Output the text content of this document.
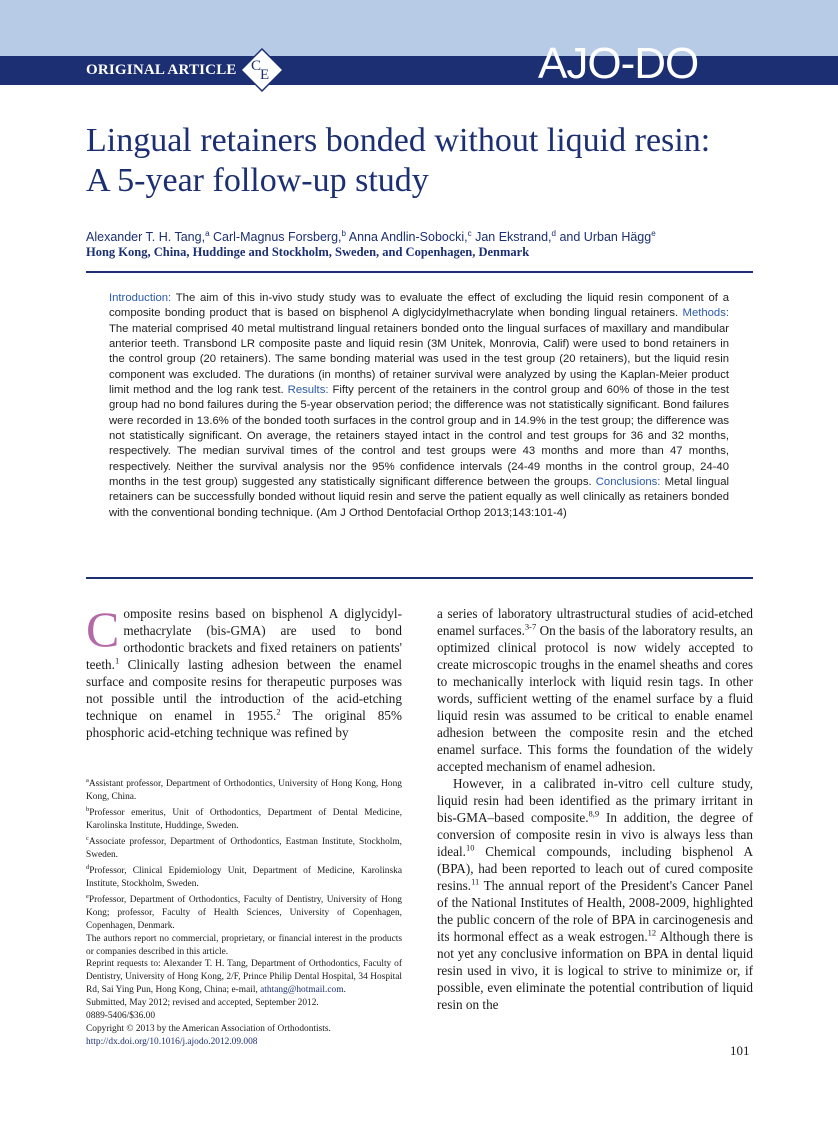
ORIGINAL ARTICLE C
E	AJO-DO
Lingual retainers bonded without liquid resin:
A 5-year follow-up study
Alexander T. H. Tang,$^a$ Carl-Magnus Forsberg,$^b$ Anna Andlin-Sobocki,$^c$ Jan Ekstrand,$^d$ and Urban Hägg$^e$
Hong Kong, China, Huddinge and Stockholm, Sweden, and Copenhagen, Denmark

Introduction: The aim of this in-vivo study study was to evaluate the effect of excluding the liquid resin component of a composite bonding product that is based on bisphenol A diglycidylmethacrylate when bonding lingual retainers. Methods: The material comprised 40 metal multistrand lingual retainers bonded onto the lingual surfaces of maxillary and mandibular anterior teeth. Transbond LR composite paste and liquid resin (3M Unitek, Monrovia, Calif) were used to bond retainers in the control group (20 retainers). The same bonding material was used in the test group (20 retainers), but the liquid resin component was excluded. The durations (in months) of retainer survival were analyzed by using the Kaplan-Meier product limit method and the log rank test. Results: Fifty percent of the retainers in the control group and 60% of those in the test group had no bond failures during the 5-year observation period; the difference was not statistically significant. Bond failures were recorded in 13.6% of the bonded tooth surfaces in the control group and in 14.9% in the test group; the difference was not statistically significant. On average, the retainers stayed intact in the control and test groups for 36 and 32 months, respectively. The median survival times of the control and test groups were 43 months and more than 47 months, respectively. Neither the survival analysis nor the 95% confidence intervals (24-49 months in the control group, 24-40 months in the test group) suggested any statistically significant difference between the groups. Conclusions: Metal lingual retainers can be successfully bonded without liquid resin and serve the patient equally as well clinically as retainers bonded with the conventional bonding technique. (Am J Orthod Dentofacial Orthop 2013;143:101-4)

Composite resins based on bisphenol A diglycidyl-methacrylate (bis-GMA) are used to bond orthodontic brackets and fixed retainers on patients' teeth.$^1$ Clinically lasting adhesion between the enamel surface and composite resins for therapeutic purposes was not possible until the introduction of the acid-etching technique on enamel in 1955.$^2$ The original 85% phosphoric acid-etching technique was refined by

$^a$Assistant professor, Department of Orthodontics, University of Hong Kong, Hong Kong, China.

$^b$Professor emeritus, Unit of Orthodontics, Department of Dental Medicine, Karolinska Institute, Huddinge, Sweden.

$^c$Associate professor, Department of Orthodontics, Eastman Institute, Stockholm, Sweden.

$^d$Professor, Clinical Epidemiology Unit, Department of Medicine, Karolinska Institute, Stockholm, Sweden.

$^e$Professor, Department of Orthodontics, Faculty of Dentistry, University of Hong Kong; professor, Faculty of Health Sciences, University of Copenhagen, Copenhagen, Denmark.

The authors report no commercial, proprietary, or financial interest in the products or companies described in this article.

Reprint requests to: Alexander T. H. Tang, Department of Orthodontics, Faculty of Dentistry, University of Hong Kong, 2/F, Prince Philip Dental Hospital, 34 Hospital Rd, Sai Ying Pun, Hong Kong, China; e-mail, athtang@hotmail.com.

Submitted, May 2012; revised and accepted, September 2012.

0889-5406/$36.00

Copyright © 2013 by the American Association of Orthodontists.

http://dx.doi.org/10.1016/j.ajodo.2012.09.008

a series of laboratory ultrastructural studies of acid-etched enamel surfaces.$^{3-7}$ On the basis of the laboratory results, an optimized clinical protocol is now widely accepted to create microscopic troughs in the enamel sheaths and cores to mechanically interlock with liquid resin tags. In other words, sufficient wetting of the enamel surface by a fluid liquid resin was assumed to be critical to enable enamel adhesion between the composite resin and the etched enamel surface. This forms the foundation of the widely accepted mechanism of enamel adhesion.
However, in a calibrated in-vitro cell culture study, liquid resin had been identified as the primary irritant in bis-GMA–based composite.$^{8,9}$ In addition, the degree of conversion of composite resin in vivo is always less than ideal.$^{10}$ Chemical compounds, including bisphenol A (BPA), had been reported to leach out of cured composite resins.$^{11}$ The annual report of the President's Cancer Panel of the National Institutes of Health, 2008-2009, highlighted the public concern of the role of BPA in carcinogenesis and its hormonal effect as a weak estrogen.$^{12}$ Although there is not yet any conclusive information on BPA in dental liquid resin used in vivo, it is logical to strive to minimize or, if possible, even eliminate the potential contribution of liquid resin on the

101
